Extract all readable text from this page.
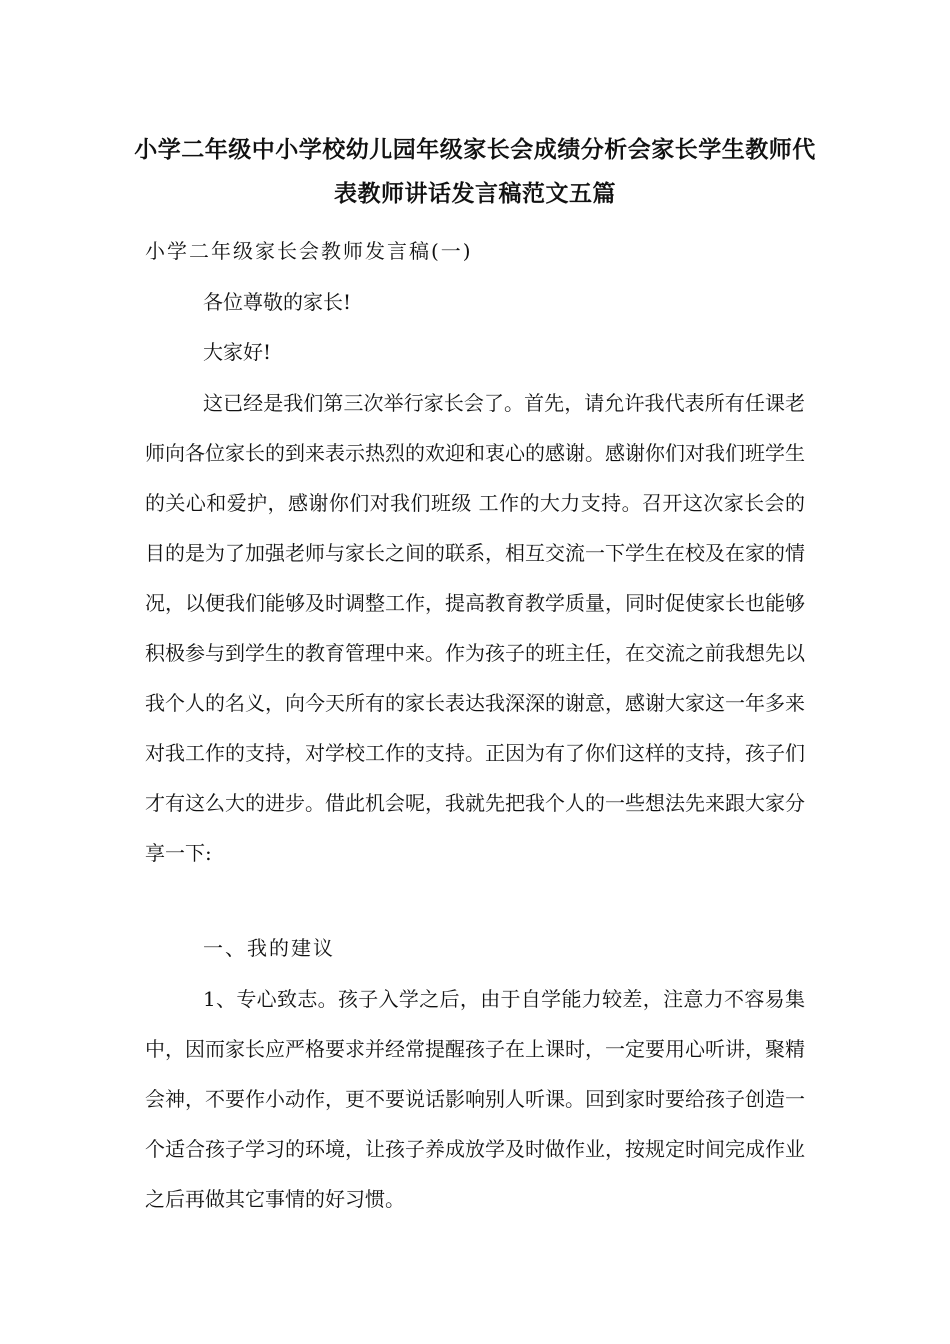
小学二年级中小学校幼儿园年级家长会成绩分析会家长学生教师代
表教师讲话发言稿范文五篇
小学二年级家长会教师发言稿(一)
各位尊敬的家长!
大家好!

这已经是我们第三次举行家长会了。首先，请允许我代表所有任课老师向各位家长的到来表示热烈的欢迎和衷心的感谢。感谢你们对我们班学生的关心和爱护，感谢你们对我们班级 工作的大力支持。召开这次家长会的目的是为了加强老师与家长之间的联系，相互交流一下学生在校及在家的情况，以便我们能够及时调整工作，提高教育教学质量，同时促使家长也能够积极参与到学生的教育管理中来。作为孩子的班主任，在交流之前我想先以我个人的名义，向今天所有的家长表达我深深的谢意，感谢大家这一年多来对我工作的支持，对学校工作的支持。正因为有了你们这样的支持，孩子们才有这么大的进步。借此机会呢，我就先把我个人的一些想法先来跟大家分享一下:

一、我的建议

1、专心致志。孩子入学之后，由于自学能力较差，注意力不容易集中，因而家长应严格要求并经常提醒孩子在上课时，一定要用心听讲，聚精会神，不要作小动作，更不要说话影响别人听课。回到家时要给孩子创造一个适合孩子学习的环境，让孩子养成放学及时做作业，按规定时间完成作业之后再做其它事情的好习惯。
